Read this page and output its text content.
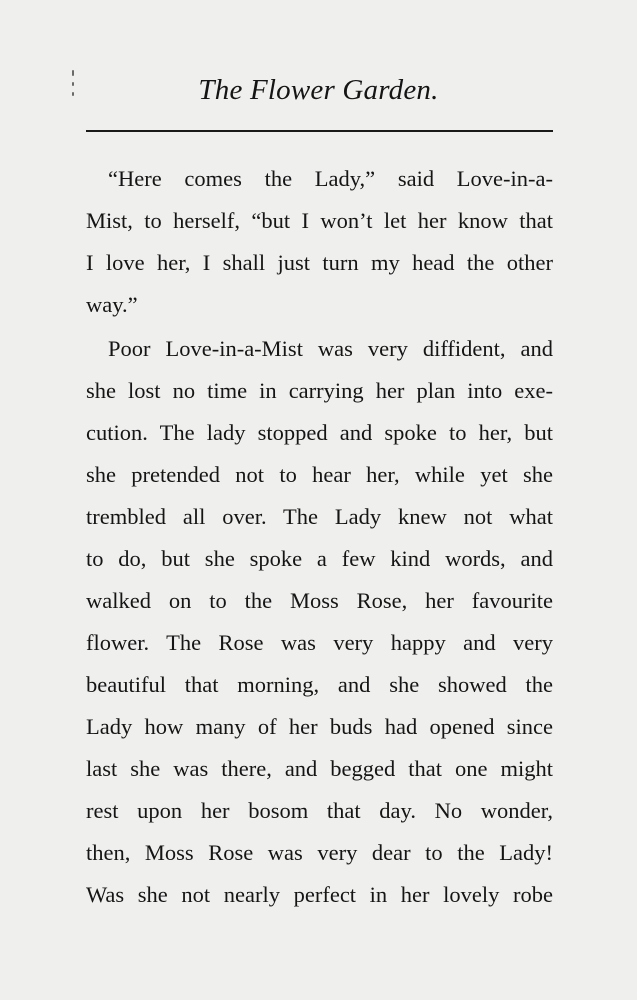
The Flower Garden.
“Here comes the Lady,” said Love-in-a-
Mist, to herself, “but I won’t let her know that
I love her, I shall just turn my head the other
way.”
Poor Love-in-a-Mist was very diffident, and
she lost no time in carrying her plan into exe-
cution. The lady stopped and spoke to her, but
she pretended not to hear her, while yet she
trembled all over. The Lady knew not what
to do, but she spoke a few kind words, and
walked on to the Moss Rose, her favourite
flower. The Rose was very happy and very
beautiful that morning, and she showed the
Lady how many of her buds had opened since
last she was there, and begged that one might
rest upon her bosom that day. No wonder,
then, Moss Rose was very dear to the Lady!
Was she not nearly perfect in her lovely robe
